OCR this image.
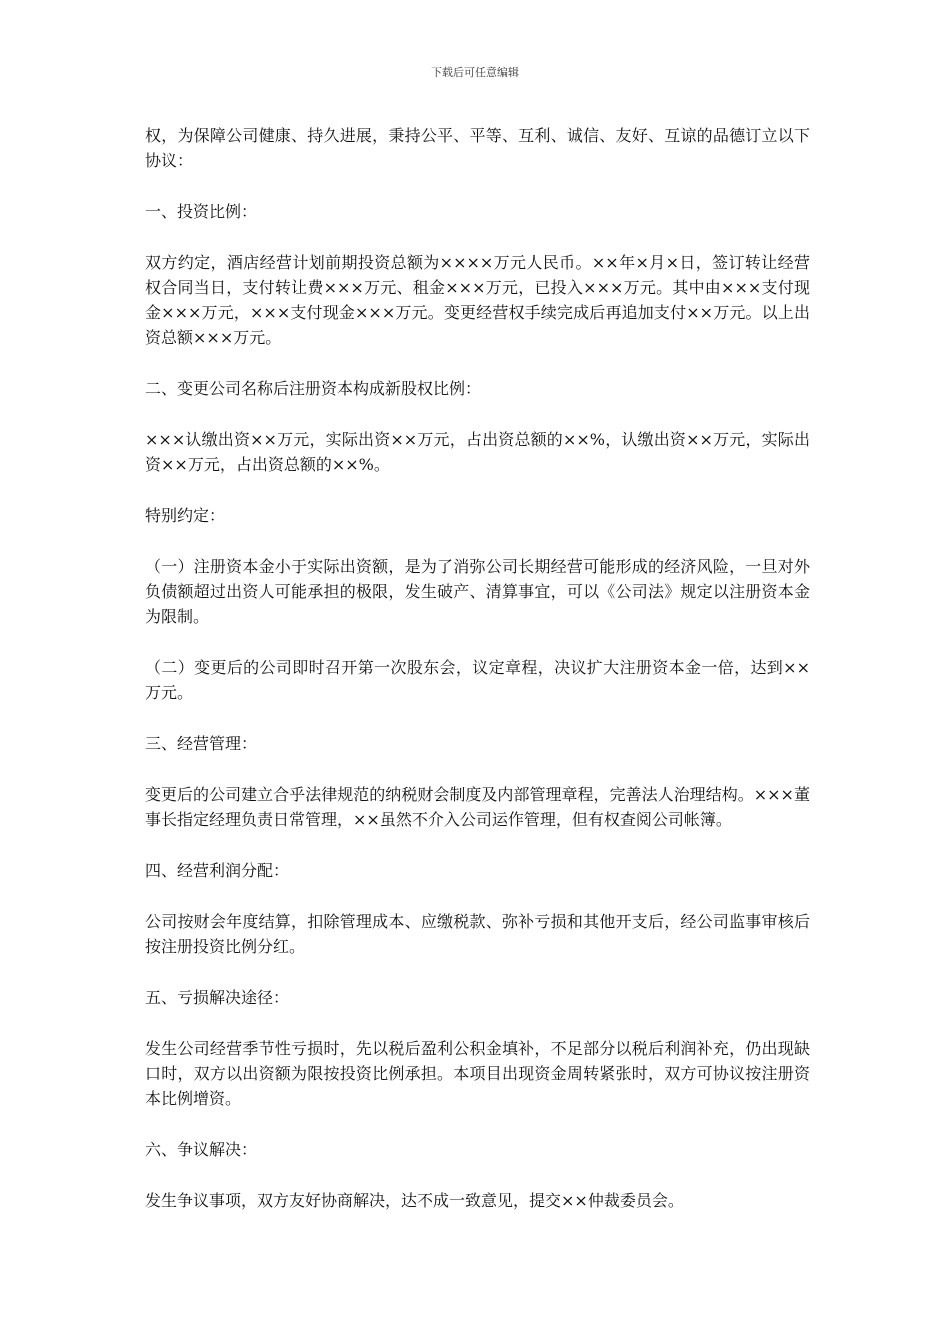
下载后可任意编辑

权，为保障公司健康、持久进展，秉持公平、平等、互利、诚信、友好、互谅的品德订立以下协议：

一、投资比例：

双方约定，酒店经营计划前期投资总额为××××万元人民币。××年×月×日，签订转让经营权合同当日，支付转让费×××万元、租金×××万元，已投入×××万元。其中由×××支付现金×××万元，×××支付现金×××万元。变更经营权手续完成后再追加支付××万元。以上出资总额×××万元。

二、变更公司名称后注册资本构成新股权比例：

×××认缴出资××万元，实际出资××万元，占出资总额的××%，认缴出资××万元，实际出资××万元，占出资总额的××%。

特别约定：

（一）注册资本金小于实际出资额，是为了消弥公司长期经营可能形成的经济风险，一旦对外负债额超过出资人可能承担的极限，发生破产、清算事宜，可以《公司法》规定以注册资本金为限制。

（二）变更后的公司即时召开第一次股东会，议定章程，决议扩大注册资本金一倍，达到××万元。

三、经营管理：

变更后的公司建立合乎法律规范的纳税财会制度及内部管理章程，完善法人治理结构。×××董事长指定经理负责日常管理，××虽然不介入公司运作管理，但有权查阅公司帐簿。

四、经营利润分配：

公司按财会年度结算，扣除管理成本、应缴税款、弥补亏损和其他开支后，经公司监事审核后按注册投资比例分红。

五、亏损解决途径：

发生公司经营季节性亏损时，先以税后盈利公积金填补，不足部分以税后利润补充，仍出现缺口时，双方以出资额为限按投资比例承担。本项目出现资金周转紧张时，双方可协议按注册资本比例增资。

六、争议解决：

发生争议事项，双方友好协商解决，达不成一致意见，提交××仲裁委员会。
